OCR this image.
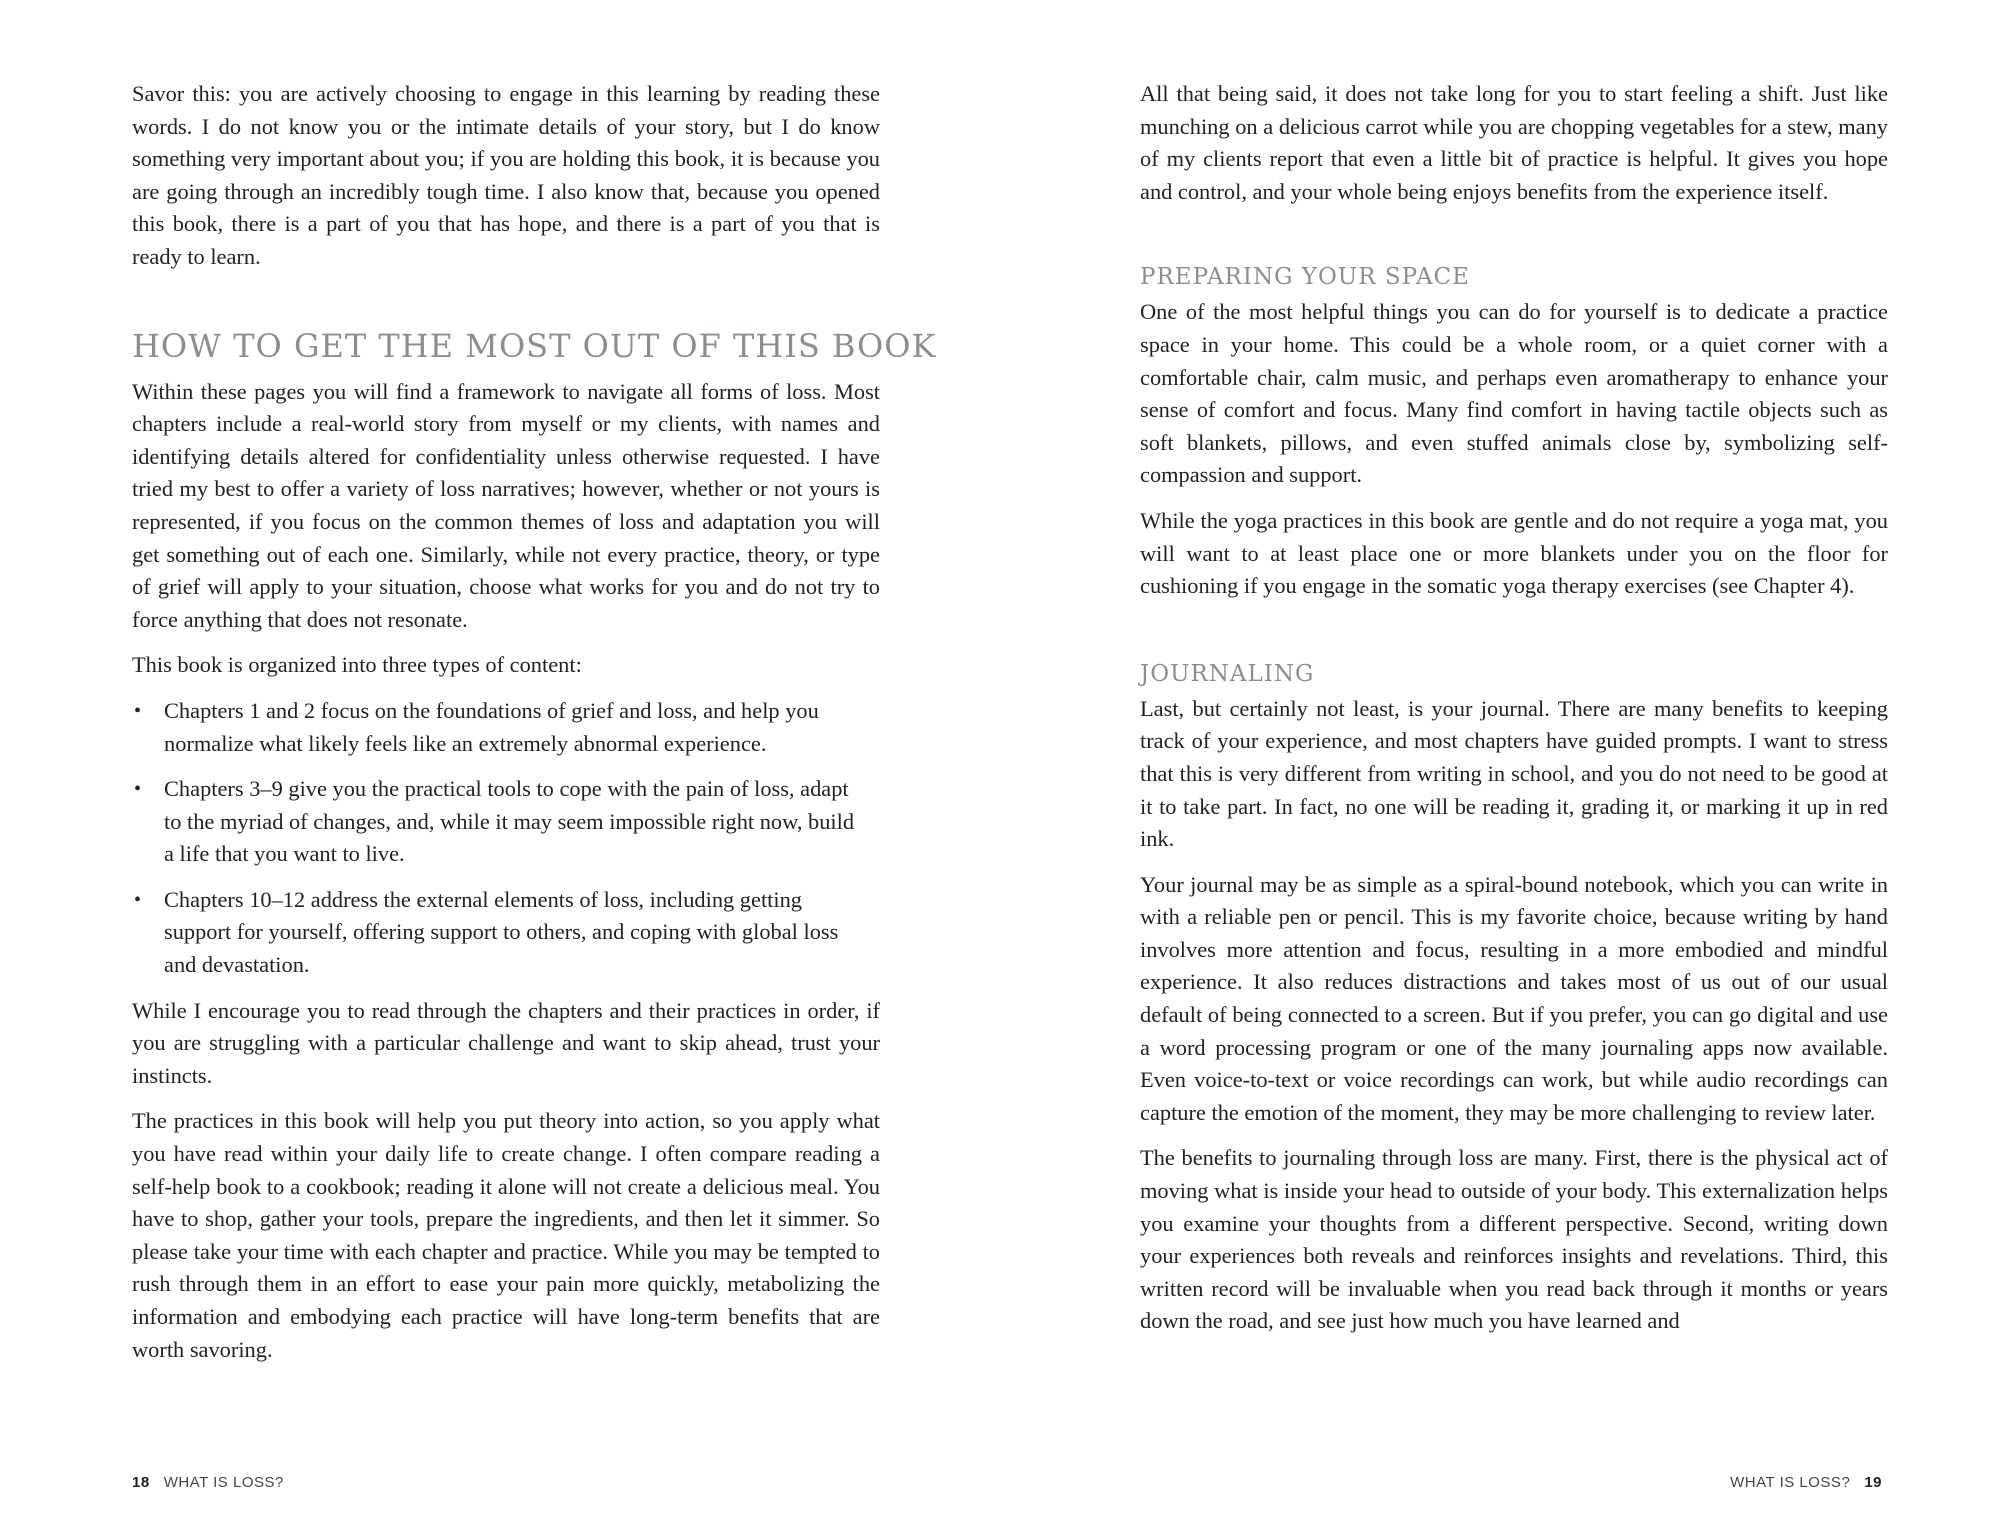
Savor this: you are actively choosing to engage in this learning by reading these words. I do not know you or the intimate details of your story, but I do know something very important about you; if you are holding this book, it is because you are going through an incredibly tough time. I also know that, because you opened this book, there is a part of you that has hope, and there is a part of you that is ready to learn.

HOW TO GET THE MOST OUT OF THIS BOOK

Within these pages you will find a framework to navigate all forms of loss. Most chapters include a real-world story from myself or my clients, with names and identifying details altered for confidentiality unless otherwise requested. I have tried my best to offer a variety of loss narratives; however, whether or not yours is represented, if you focus on the common themes of loss and adaptation you will get something out of each one. Similarly, while not every practice, theory, or type of grief will apply to your situation, choose what works for you and do not try to force anything that does not resonate.

This book is organized into three types of content:

• Chapters 1 and 2 focus on the foundations of grief and loss, and help you normalize what likely feels like an extremely abnormal experience.
• Chapters 3–9 give you the practical tools to cope with the pain of loss, adapt to the myriad of changes, and, while it may seem impossible right now, build a life that you want to live.
• Chapters 10–12 address the external elements of loss, including getting support for yourself, offering support to others, and coping with global loss and devastation.

While I encourage you to read through the chapters and their practices in order, if you are struggling with a particular challenge and want to skip ahead, trust your instincts.

The practices in this book will help you put theory into action, so you apply what you have read within your daily life to create change. I often compare reading a self-help book to a cookbook; reading it alone will not create a delicious meal. You have to shop, gather your tools, prepare the ingredients, and then let it simmer. So please take your time with each chapter and practice. While you may be tempted to rush through them in an effort to ease your pain more quickly, metabolizing the information and embodying each practice will have long-term benefits that are worth savoring.

All that being said, it does not take long for you to start feeling a shift. Just like munching on a delicious carrot while you are chopping vegetables for a stew, many of my clients report that even a little bit of practice is helpful. It gives you hope and control, and your whole being enjoys benefits from the experience itself.

PREPARING YOUR SPACE

One of the most helpful things you can do for yourself is to dedicate a practice space in your home. This could be a whole room, or a quiet corner with a comfortable chair, calm music, and perhaps even aromatherapy to enhance your sense of comfort and focus. Many find comfort in having tactile objects such as soft blankets, pillows, and even stuffed animals close by, symbolizing self-compassion and support.

While the yoga practices in this book are gentle and do not require a yoga mat, you will want to at least place one or more blankets under you on the floor for cushioning if you engage in the somatic yoga therapy exercises (see Chapter 4).

JOURNALING

Last, but certainly not least, is your journal. There are many benefits to keeping track of your experience, and most chapters have guided prompts. I want to stress that this is very different from writing in school, and you do not need to be good at it to take part. In fact, no one will be reading it, grading it, or marking it up in red ink.

Your journal may be as simple as a spiral-bound notebook, which you can write in with a reliable pen or pencil. This is my favorite choice, because writing by hand involves more attention and focus, resulting in a more embodied and mindful experience. It also reduces distractions and takes most of us out of our usual default of being connected to a screen. But if you prefer, you can go digital and use a word processing program or one of the many journaling apps now available. Even voice-to-text or voice recordings can work, but while audio recordings can capture the emotion of the moment, they may be more challenging to review later.

The benefits to journaling through loss are many. First, there is the physical act of moving what is inside your head to outside of your body. This externalization helps you examine your thoughts from a different perspective. Second, writing down your experiences both reveals and reinforces insights and revelations. Third, this written record will be invaluable when you read back through it months or years down the road, and see just how much you have learned and

18 WHAT IS LOSS?	WHAT IS LOSS? 19
